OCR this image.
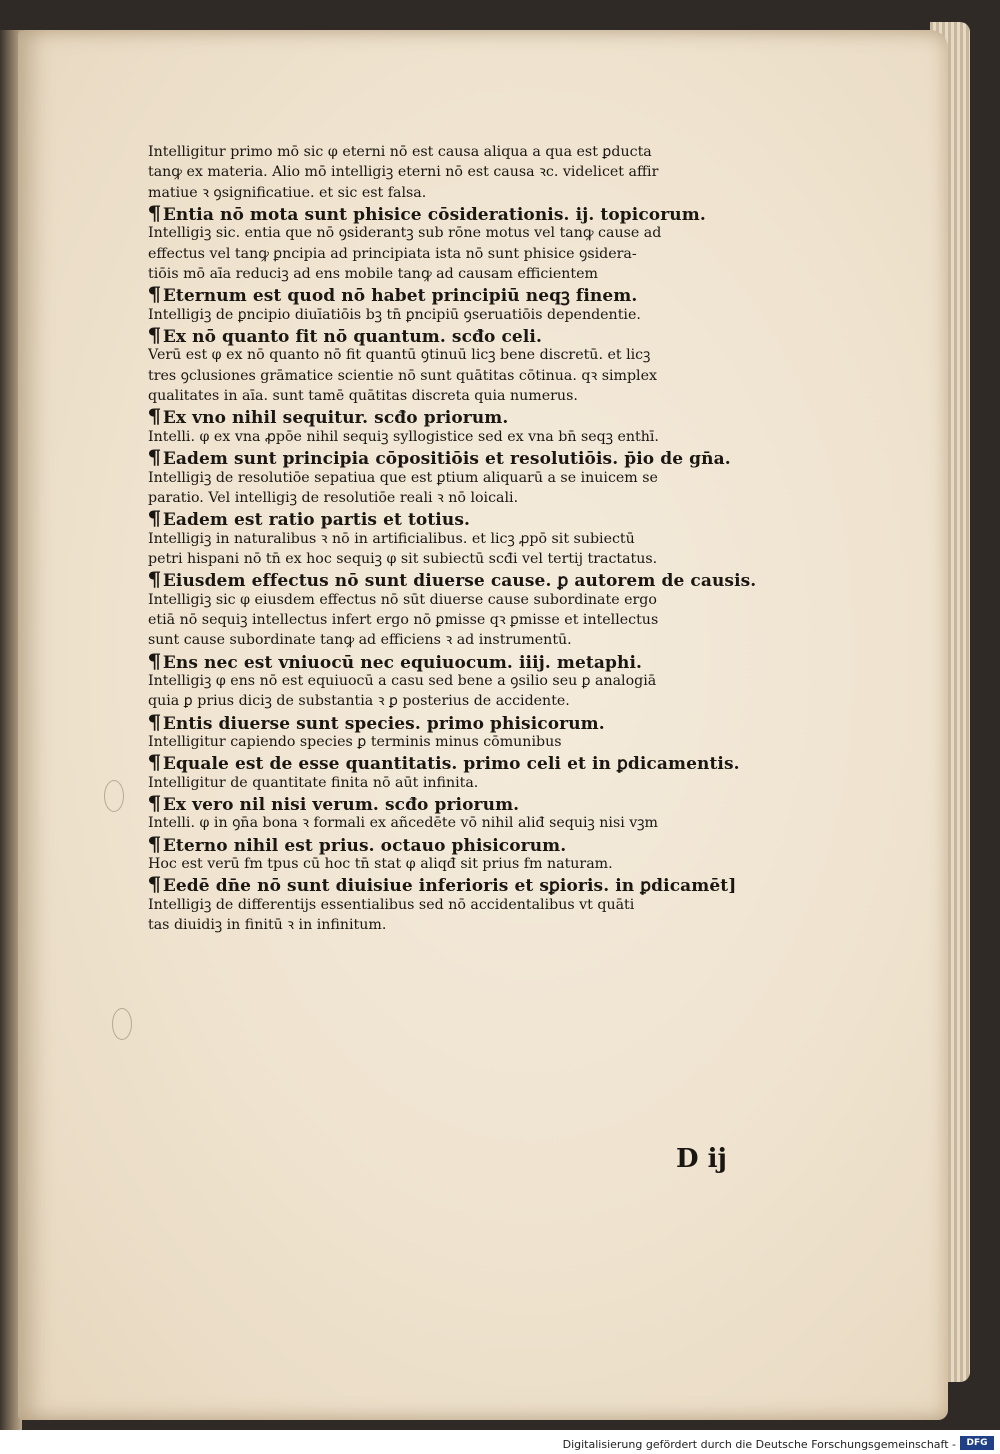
Intelligitur primo mō sic φ eterni nō est causa aliqua a qua est ꝑducta
tanꝙ ex materia. Alio mō intelligiꝫ eterni nō est causa ꝛc. videlicet affir
matiue ꝛ ꝯsignificatiue. et sic est falsa.
¶Entia nō mota sunt phisice cōsiderationis. ij. topicorum.
Intelligiꝫ sic. entia que nō ꝯsiderantꝫ sub rōne motus vel tanꝙ cause ad
effectus vel tanꝙ ꝑncipia ad principiata ista nō sunt phisice ꝯsidera-
tiōis mō aīa reduciꝫ ad ens mobile tanꝙ ad causam efficientem
¶Eternum est quod nō habet principiū neqꝫ finem.
Intelligiꝫ de ꝑncipio diuīatiōis bꝫ tn̄ ꝑncipiū ꝯseruatiōis dependentie.
¶Ex nō quanto fit nō quantum. scđo celi.
Verū est φ ex nō quanto nō fit quantū ꝯtinuū licꝫ bene discretū. et licꝫ
tres ꝯclusiones grāmatice scientie nō sunt quātitas cōtinua. qꝛ simplex
qualitates in aīa. sunt tamē quātitas discreta quia numerus.
¶Ex vno nihil sequitur. scđo priorum.
Intelli. φ ex vna ꝓpōe nihil sequiꝫ syllogistice sed ex vna bn̄ seqꝫ enthī.
¶Eadem sunt principia cōpositiōis et resolutiōis. p̄io de gn̄a.
Intelligiꝫ de resolutiōe sepatiua que est ꝑtium aliquarū a se inuicem se
paratio. Vel intelligiꝫ de resolutiōe reali ꝛ nō loicali.
¶Eadem est ratio partis et totius.
Intelligiꝫ in naturalibus ꝛ nō in artificialibus. et licꝫ ꝓpō sit subiectū
petri hispani nō tn̄ ex hoc sequiꝫ φ sit subiectū scđi vel tertij tractatus.
¶Eiusdem effectus nō sunt diuerse cause. ꝑ autorem de causis.
Intelligiꝫ sic φ eiusdem effectus nō sūt diuerse cause subordinate ergo
etiā nō sequiꝫ intellectus infert ergo nō ꝑmisse qꝛ ꝑmisse et intellectus
sunt cause subordinate tanꝙ ad efficiens ꝛ ad instrumentū.
¶Ens nec est vniuocū nec equiuocum. iiij. metaphi.
Intelligiꝫ φ ens nō est equiuocū a casu sed bene a ꝯsilio seu ꝑ analogiā
quia ꝑ prius diciꝫ de substantia ꝛ ꝑ posterius de accidente.
¶Entis diuerse sunt species. primo phisicorum.
Intelligitur capiendo species ꝑ terminis minus cōmunibus
¶Equale est de esse quantitatis. primo celi et in ꝑdicamentis.
Intelligitur de quantitate finita nō aūt infinita.
¶Ex vero nil nisi verum. scđo priorum.
Intelli. φ in ꝯn̄a bona ꝛ formali ex añcedēte vō nihil aliđ sequiꝫ nisi vꝫm
¶Eterno nihil est prius. octauo phisicorum.
Hoc est verū fm tpus cū hoc tn̄ stat φ aliqđ sit prius fm naturam.
¶Eedē dn̄e nō sunt diuisiue inferioris et sꝑioris. in ꝑdicamēt]
Intelligiꝫ de differentijs essentialibus sed nō accidentalibus vt quāti
tas diuidiꝫ in finitū ꝛ in infinitum.
D ij
Digitalisierung gefördert durch die Deutsche Forschungsgemeinschaft -	DFG
